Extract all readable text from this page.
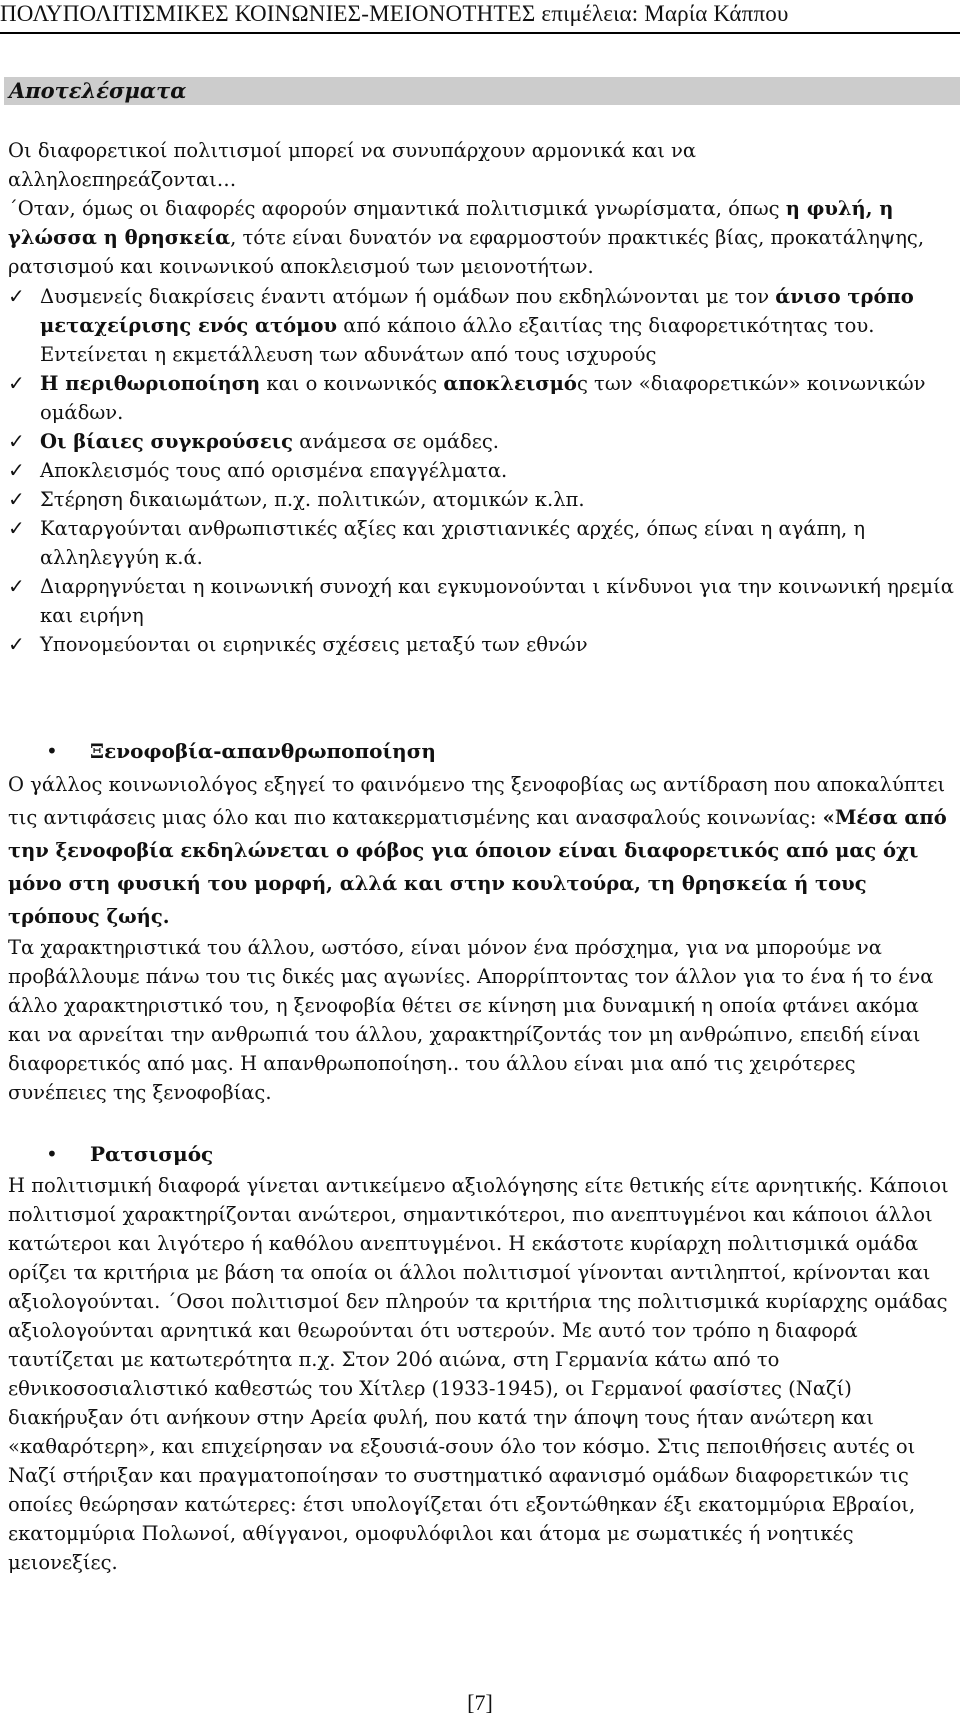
ΠΟΛΥΠΟΛΙΤΙΣΜΙΚΕΣ ΚΟΙΝΩΝΙΕΣ-ΜΕΙΟΝΟΤΗΤΕΣ επιμέλεια: Μαρία Κάππου
Αποτελέσματα

Οι διαφορετικοί πολιτισμοί μπορεί να συνυπάρχουν αρμονικά και να
αλληλοεπηρεάζονται…

΄Οταν, όμως οι διαφορές αφορούν σημαντικά πολιτισμικά γνωρίσματα, όπως η φυλή, η γλώσσα η θρησκεία, τότε είναι δυνατόν να εφαρμοστούν πρακτικές βίας, προκατάληψης, ρατσισμού και κοινωνικού αποκλεισμού των μειονοτήτων.

✓ Δυσμενείς διακρίσεις έναντι ατόμων ή ομάδων που εκδηλώνονται με τον άνισο τρόπο μεταχείρισης ενός ατόμου από κάποιο άλλο εξαιτίας της διαφορετικότητας του. Εντείνεται η εκμετάλλευση των αδυνάτων από τους ισχυρούς
✓ Η περιθωριοποίηση και ο κοινωνικός αποκλεισμός των «διαφορετικών» κοινωνικών ομάδων.
✓ Οι βίαιες συγκρούσεις ανάμεσα σε ομάδες.
✓ Αποκλεισμός τους από ορισμένα επαγγέλματα.
✓ Στέρηση δικαιωμάτων, π.χ. πολιτικών, ατομικών κ.λπ.
✓ Καταργούνται ανθρωπιστικές αξίες και χριστιανικές αρχές, όπως είναι η αγάπη, η αλληλεγγύη κ.ά.
✓ Διαρρηγνύεται η κοινωνική συνοχή και εγκυμονούνται ι κίνδυνοι για την κοινωνική ηρεμία και ειρήνη
✓ Υπονομεύονται οι ειρηνικές σχέσεις μεταξύ των εθνών
• Ξενοφοβία-απανθρωποποίηση

Ο γάλλος κοινωνιολόγος εξηγεί το φαινόμενο της ξενοφοβίας ως αντίδραση που αποκαλύπτει τις αντιφάσεις μιας όλο και πιο κατακερματισμένης και ανασφαλούς κοινωνίας: «Μέσα από την ξενοφοβία εκδηλώνεται ο φόβος για όποιον είναι διαφορετικός από μας όχι μόνο στη φυσική του μορφή, αλλά και στην κουλτούρα, τη θρησκεία ή τους τρόπους ζωής.

Τα χαρακτηριστικά του άλλου, ωστόσο, είναι μόνον ένα πρόσχημα, για να μπορούμε να προβάλλουμε πάνω του τις δικές μας αγωνίες. Απορρίπτοντας τον άλλον για το ένα ή το ένα άλλο χαρακτηριστικό του, η ξενοφοβία θέτει σε κίνηση μια δυναμική η οποία φτάνει ακόμα και να αρνείται την ανθρωπιά του άλλου, χαρακτηρίζοντάς τον μη ανθρώπινο, επειδή είναι διαφορετικός από μας. Η απανθρωποποίηση.. του άλλου είναι μια από τις χειρότερες συνέπειες της ξενοφοβίας.

• Ρατσισμός

Η πολιτισμική διαφορά γίνεται αντικείμενο αξιολόγησης είτε θετικής είτε αρνητικής. Κάποιοι πολιτισμοί χαρακτηρίζονται ανώτεροι, σημαντικότεροι, πιο ανεπτυγμένοι και κάποιοι άλλοι κατώτεροι και λιγότερο ή καθόλου ανεπτυγμένοι. Η εκάστοτε κυρίαρχη πολιτισμικά ομάδα ορίζει τα κριτήρια με βάση τα οποία οι άλλοι πολιτισμοί γίνονται αντιληπτοί, κρίνονται και αξιολογούνται. ΄Οσοι πολιτισμοί δεν πληρούν τα κριτήρια της πολιτισμικά κυρίαρχης ομάδας αξιολογούνται αρνητικά και θεωρούνται ότι υστερούν. Με αυτό τον τρόπο η διαφορά ταυτίζεται με κατωτερότητα π.χ. Στον 20ό αιώνα, στη Γερμανία κάτω από το εθνικοσοσιαλιστικό καθεστώς του Χίτλερ (1933-1945), οι Γερμανοί φασίστες (Ναζί) διακήρυξαν ότι ανήκουν στην Αρεία φυλή, που κατά την άποψη τους ήταν ανώτερη και «καθαρότερη», και επιχείρησαν να εξουσιά-σουν όλο τον κόσμο. Στις πεποιθήσεις αυτές οι Ναζί στήριξαν και πραγματοποίησαν το συστηματικό αφανισμό ομάδων διαφορετικών τις οποίες θεώρησαν κατώτερες: έτσι υπολογίζεται ότι εξοντώθηκαν έξι εκατομμύρια Εβραίοι, εκατομμύρια Πολωνοί, αθίγγανοι, ομοφυλόφιλοι και άτομα με σωματικές ή νοητικές μειονεξίες.

[7]
